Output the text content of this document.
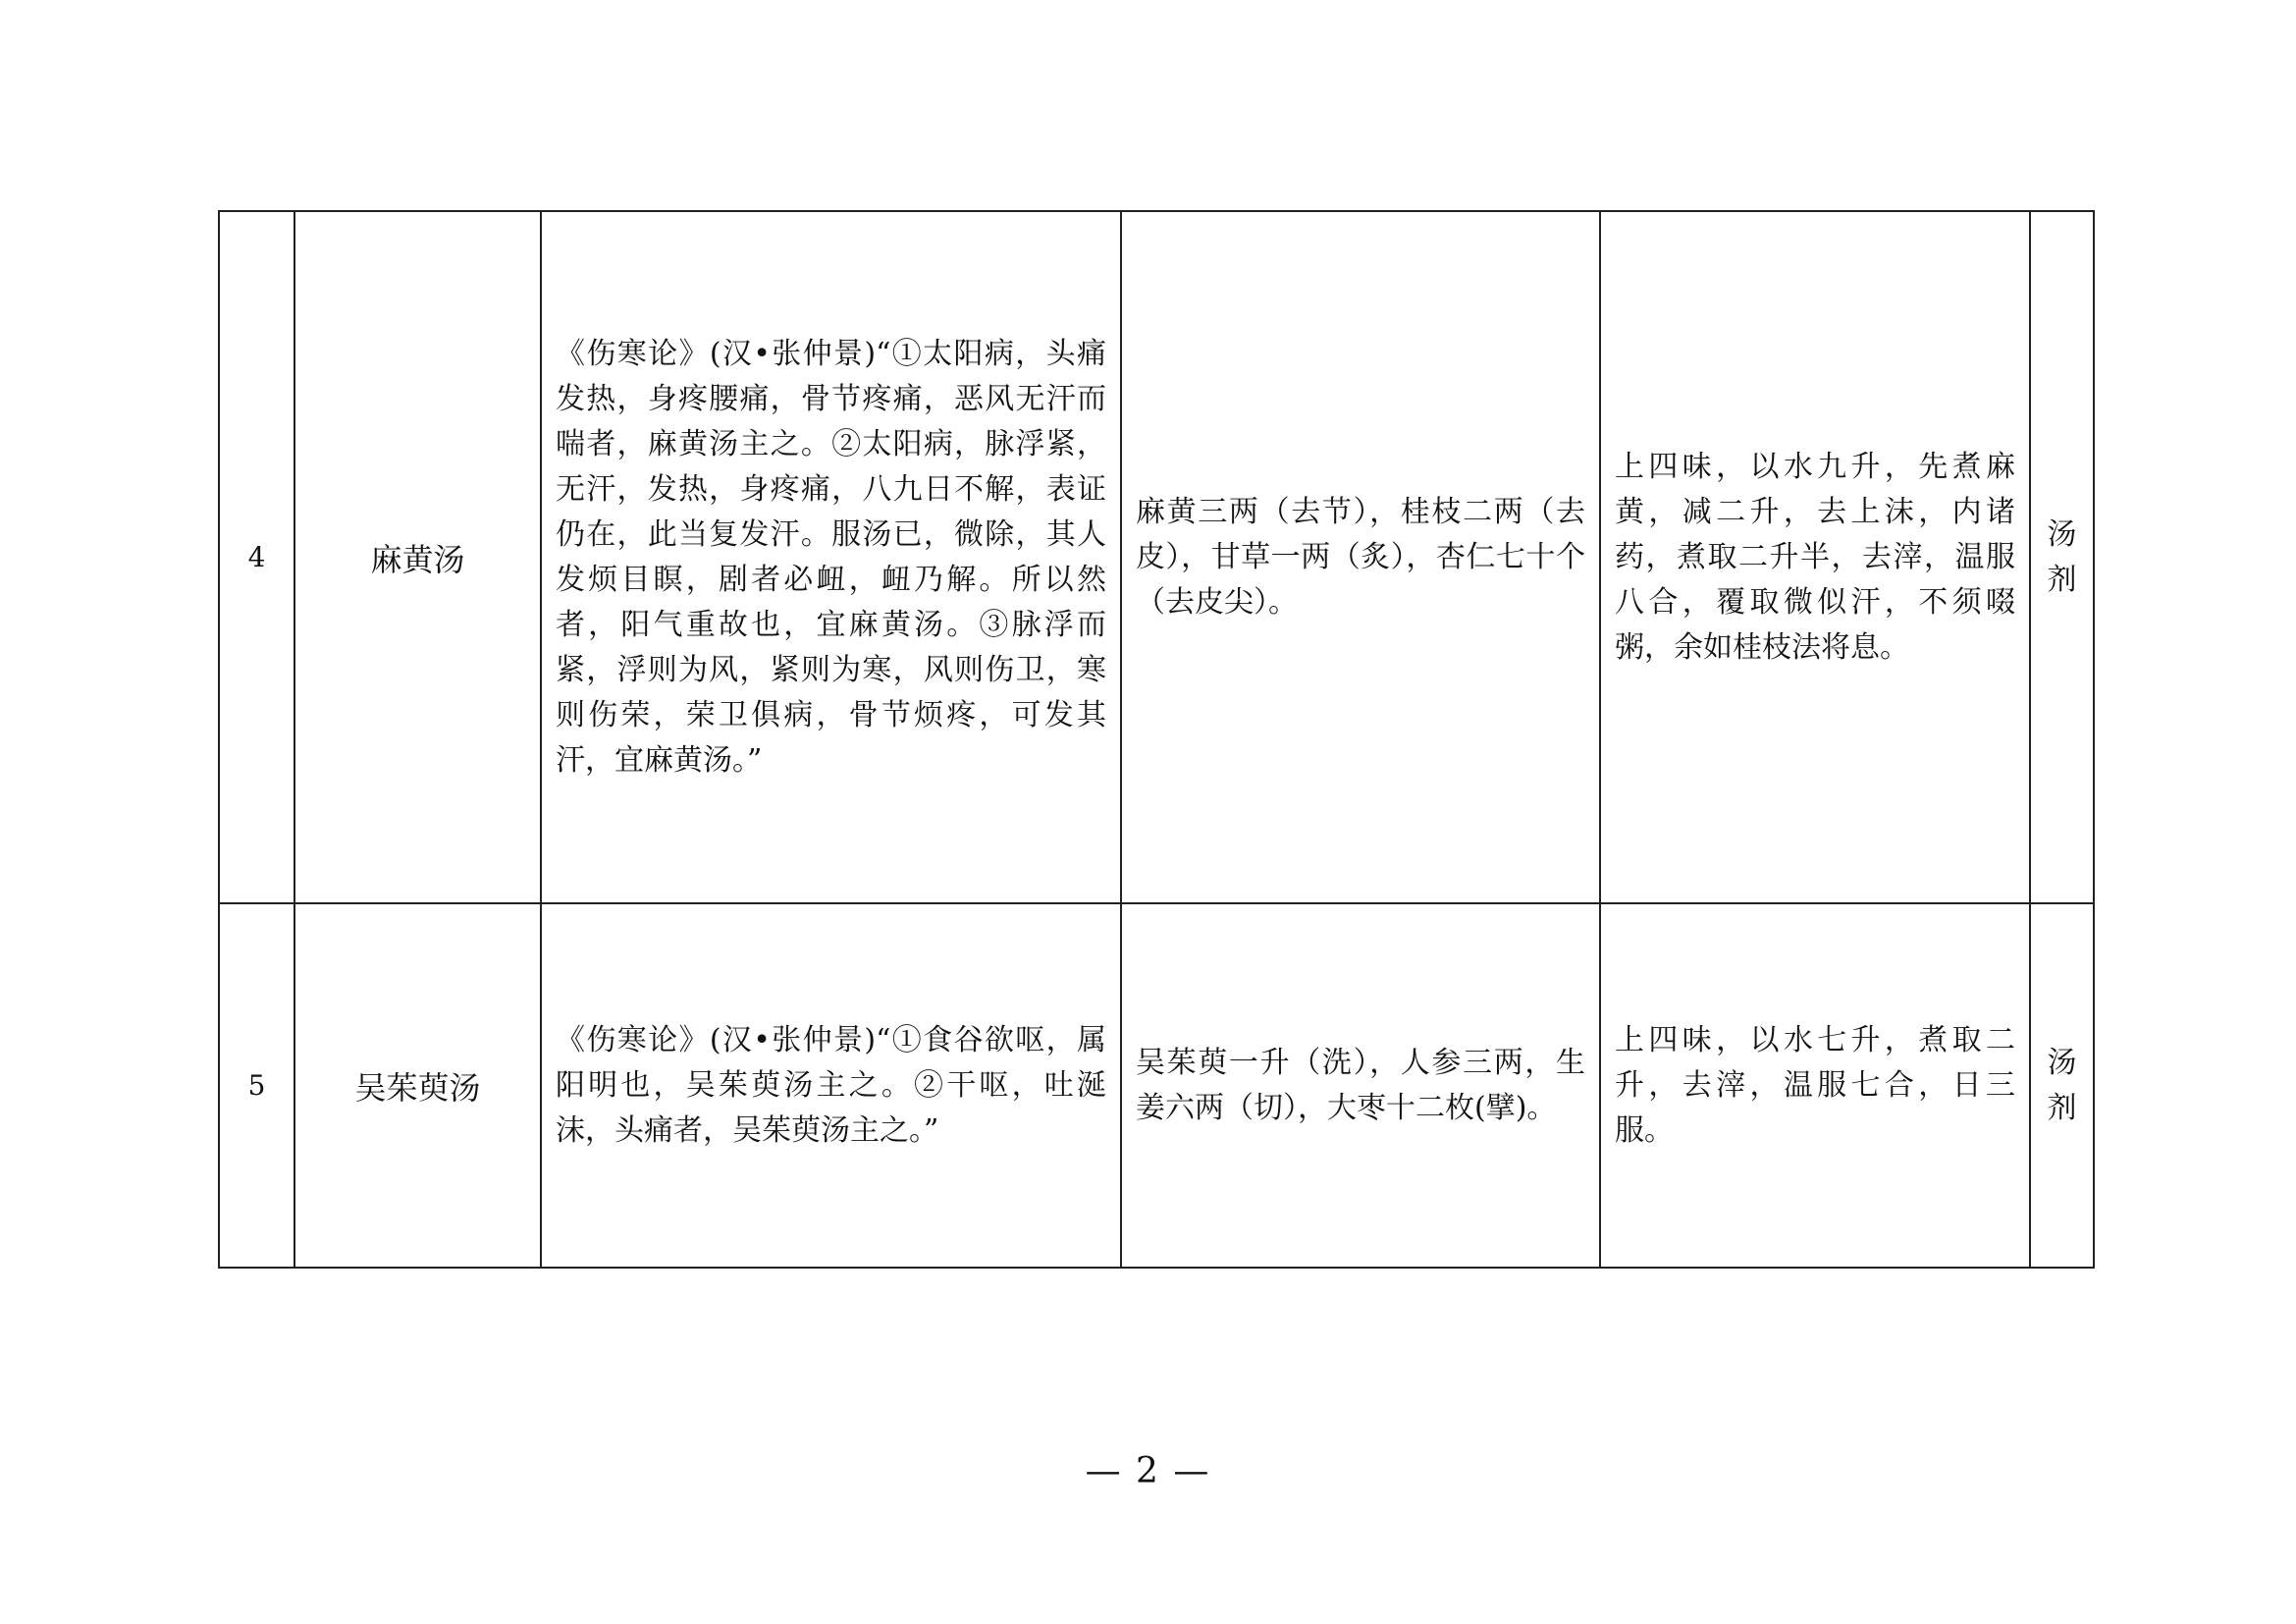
4	麻黄汤	《伤寒论》(汉•张仲景)“①太阳病，头痛发热，身疼腰痛，骨节疼痛，恶风无汗而喘者，麻黄汤主之。②太阳病，脉浮紧，无汗，发热，身疼痛，八九日不解，表证仍在，此当复发汗。服汤已，微除，其人发烦目瞑，剧者必衄，衄乃解。所以然者，阳气重故也，宜麻黄汤。③脉浮而紧，浮则为风，紧则为寒，风则伤卫，寒则伤荣，荣卫俱病，骨节烦疼，可发其汗，宜麻黄汤。”	麻黄三两（去节），桂枝二两（去皮），甘草一两（炙），杏仁七十个（去皮尖）。	上四味，以水九升，先煮麻黄，减二升，去上沫，内诸药，煮取二升半，去滓，温服八合，覆取微似汗，不须啜粥，余如桂枝法将息。	汤剂

5	吴茱萸汤	《伤寒论》(汉•张仲景)“①食谷欲呕，属阳明也，吴茱萸汤主之。②干呕，吐涎沫，头痛者，吴茱萸汤主之。”	吴茱萸一升（洗），人参三两，生姜六两（切），大枣十二枚(擘)。	上四味，以水七升，煮取二升，去滓，温服七合，日三服。	汤剂
— 2 —
